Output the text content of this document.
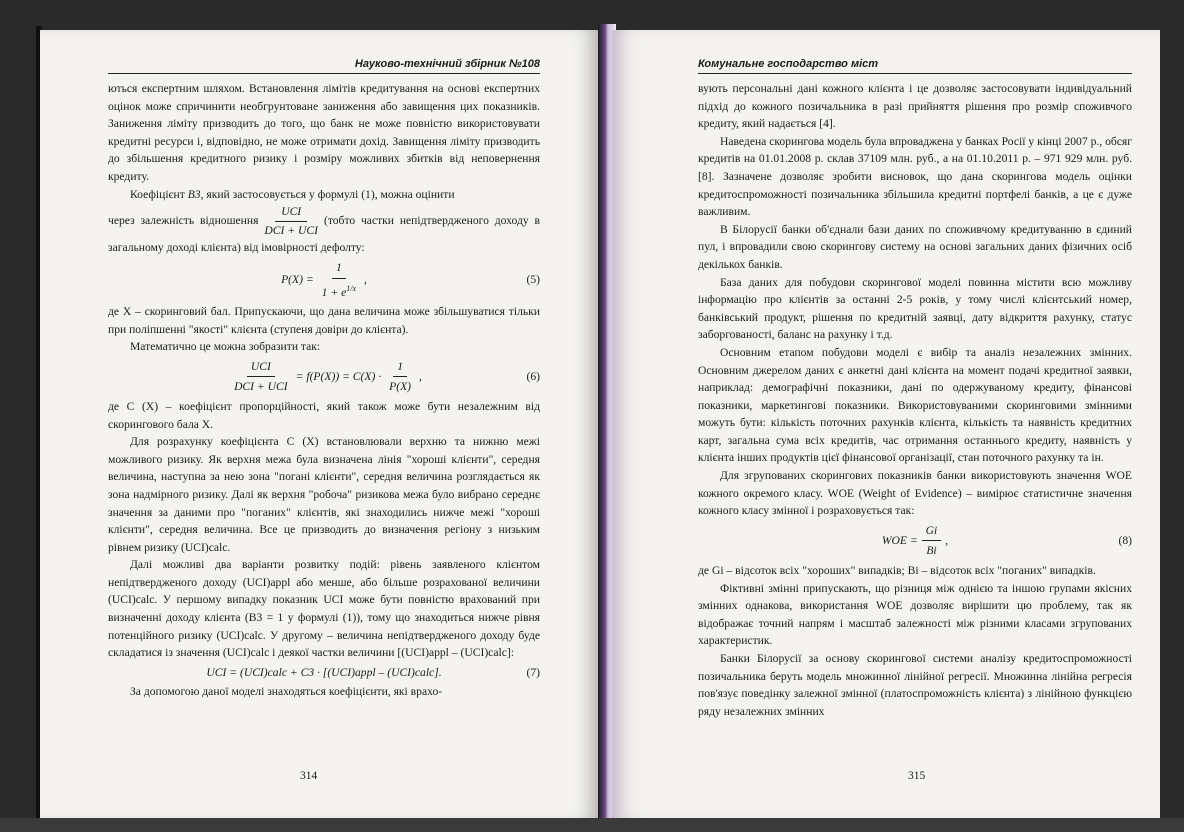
Науково-технічний збірник №108

ються експертним шляхом. Встановлення лімітів кредитування на основі експертних оцінок може спричинити необгрунтоване заниження або завищення цих показників. Заниження ліміту призводить до того, що банк не може повністю використовувати кредитні ресурси і, відповідно, не може отримати дохід. Завищення ліміту призводить до збільшення кредитного ризику і розміру можливих збитків від неповернення кредиту.

Коефіцієнт B3, який застосовується у формулі (1), можна оцінити

через залежність відношення $\frac{\text{UCI}}{\text{DCI + UCI}}$ (тобто частки непідтвердженого доходу в загальному доході клієнта) від імовірності дефолту:

$P(X) = \frac{1}{1 + e^{1/x}}$ ,	(5)

де X – скоринговий бал. Припускаючи, що дана величина може збільшуватися тільки при поліпшенні "якості" клієнта (ступеня довіри до клієнта).

Математично це можна зобразити так:

$\frac{\text{UCI}}{\text{DCI + UCI}} = f(P(X)) = C(X) \cdot \frac{1}{P(X)}$ ,	(6)

де C (X) – коефіцієнт пропорційності, який також може бути незалежним від скорингового бала X.

Для розрахунку коефіцієнта C (X) встановлювали верхню та нижню межі можливого ризику. Як верхня межа була визначена лінія "хороші клієнти", середня величина, наступна за нею зона "погані клієнти", середня величина розглядається як зона надмірного ризику. Далі як верхня "робоча" ризикова межа було вибрано середнє значення за даними про "поганих" клієнтів, які знаходились нижче межі "хороші клієнти", середня величина. Все це призводить до визначення регіону з низьким рівнем ризику (UCI)calc.

Далі можливі два варіанти розвитку подій: рівень заявленого клієнтом непідтвердженого доходу (UCI)appl або менше, або більше розрахованої величини (UCI)calc. У першому випадку показник UCI може бути повністю врахований при визначенні доходу клієнта (B3 = 1 у формулі (1)), тому що знаходиться нижче рівня потенційного ризику (UCI)calc. У другому – величина непідтвердженого доходу буде складатися із значення (UCI)calc і деякої частки величини [(UCI)appl – (UCI)calc]:

UCI = (UCI)calc + C3 · [(UCI)appl – (UCI)calc].	(7)

За допомогою даної моделі знаходяться коефіцієнти, які врахо-

314
Комунальне господарство міст

вують персональні дані кожного клієнта і це дозволяє застосовувати індивідуальний підхід до кожного позичальника в разі прийняття рішення про розмір споживчого кредиту, який надається [4].

Наведена скорингова модель була впроваджена у банках Росії у кінці 2007 р., обсяг кредитів на 01.01.2008 р. склав 37109 млн. руб., а на 01.10.2011 р. – 971 929 млн. руб. [8]. Зазначене дозволяє зробити висновок, що дана скорингова модель оцінки кредитоспроможності позичальника збільшила кредитні портфелі банків, а це є дуже важливим.

В Білорусії банки об'єднали бази даних по споживчому кредитуванню в єдиний пул, і впровадили свою скорингову систему на основі загальних даних фізичних осіб декількох банків.

База даних для побудови скорингової моделі повинна містити всю можливу інформацію про клієнтів за останні 2-5 років, у тому числі клієнтський номер, банківський продукт, рішення по кредитній заявці, дату відкриття рахунку, статус заборгованості, баланс на рахунку і т.д.

Основним етапом побудови моделі є вибір та аналіз незалежних змінних. Основним джерелом даних є анкетні дані клієнта на момент подачі кредитної заявки, наприклад: демографічні показники, дані по одержуваному кредиту, фінансові показники, маркетингові показники. Використовуваними скоринговими змінними можуть бути: кількість поточних рахунків клієнта, кількість та наявність кредитних карт, загальна сума всіх кредитів, час отримання останнього кредиту, наявність у клієнта інших продуктів цієї фінансової організації, стан поточного рахунку та ін.

Для згрупованих скорингових показників банки використовують значення WOE кожного окремого класу. WOE (Weight of Evidence) – вимірює статистичне значення кожного класу змінної і розраховується так:

WOE = $\frac{Gi}{Bi}$ ,	(8)

де Gi – відсоток всіх "хороших" випадків; Bi – відсоток всіх "поганих" випадків.

Фіктивні змінні припускають, що різниця між однією та іншою групами якісних змінних однакова, використання WOE дозволяє вирішити цю проблему, так як відображає точний напрям і масштаб залежності між різними класами згрупованих характеристик.

Банки Білорусії за основу скорингової системи аналізу кредитоспроможності позичальника беруть модель множинної лінійної регресії. Множинна лінійна регресія пов'язує поведінку залежної змінної (платоспроможність клієнта) з лінійною функцією ряду незалежних змінних

315
